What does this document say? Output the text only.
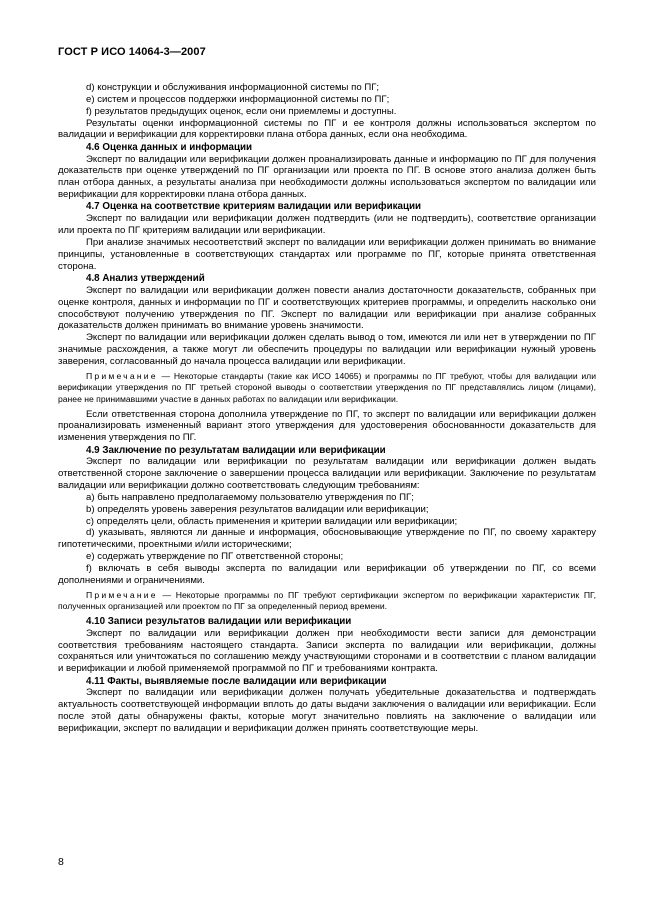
ГОСТ Р ИСО 14064-3—2007

d) конструкции и обслуживания информационной системы по ПГ;

e) систем и процессов поддержки информационной системы по ПГ;

f) результатов предыдущих оценок, если они приемлемы и доступны.

Результаты оценки информационной системы по ПГ и ее контроля должны использоваться экспертом по валидации и верификации для корректировки плана отбора данных, если она необходима.

4.6 Оценка данных и информации

Эксперт по валидации или верификации должен проанализировать данные и информацию по ПГ для получения доказательств при оценке утверждений по ПГ организации или проекта по ПГ. В основе этого анализа должен быть план отбора данных, а результаты анализа при необходимости должны использоваться экспертом по валидации или верификации для корректировки плана отбора данных.

4.7 Оценка на соответствие критериям валидации или верификации

Эксперт по валидации или верификации должен подтвердить (или не подтвердить), соответствие организации или проекта по ПГ критериям валидации или верификации.

При анализе значимых несоответствий эксперт по валидации или верификации должен принимать во внимание принципы, установленные в соответствующих стандартах или программе по ПГ, которые принята ответственная сторона.

4.8 Анализ утверждений

Эксперт по валидации или верификации должен повести анализ достаточности доказательств, собранных при оценке контроля, данных и информации по ПГ и соответствующих критериев программы, и определить насколько они способствуют получению утверждения по ПГ. Эксперт по валидации или верификации при анализе собранных доказательств должен принимать во внимание уровень значимости.

Эксперт по валидации или верификации должен сделать вывод о том, имеются ли или нет в утверждении по ПГ значимые расхождения, а также могут ли обеспечить процедуры по валидации или верификации нужный уровень заверения, согласованный до начала процесса валидации или верификации.

Примечание — Некоторые стандарты (такие как ИСО 14065) и программы по ПГ требуют, чтобы для валидации или верификации утверждения по ПГ третьей стороной выводы о соответствии утверждения по ПГ представлялись лицом (лицами), ранее не принимавшими участие в данных работах по валидации или верификации.

Если ответственная сторона дополнила утверждение по ПГ, то эксперт по валидации или верификации должен проанализировать измененный вариант этого утверждения для удостоверения обоснованности доказательств для изменения утверждения по ПГ.

4.9 Заключение по результатам валидации или верификации

Эксперт по валидации или верификации по результатам валидации или верификации должен выдать ответственной стороне заключение о завершении процесса валидации или верификации. Заключение по результатам валидации или верификации должно соответствовать следующим требованиям:

a) быть направлено предполагаемому пользователю утверждения по ПГ;

b) определять уровень заверения результатов валидации или верификации;

c) определять цели, область применения и критерии валидации или верификации;

d) указывать, являются ли данные и информация, обосновывающие утверждение по ПГ, по своему характеру гипотетическими, проектными и/или историческими;

e) содержать утверждение по ПГ ответственной стороны;

f) включать в себя выводы эксперта по валидации или верификации об утверждении по ПГ, со всеми дополнениями и ограничениями.

Примечание — Некоторые программы по ПГ требуют сертификации экспертом по верификации характеристик ПГ, полученных организацией или проектом по ПГ за определенный период времени.

4.10 Записи результатов валидации или верификации

Эксперт по валидации или верификации должен при необходимости вести записи для демонстрации соответствия требованиям настоящего стандарта. Записи эксперта по валидации или верификации, должны сохраняться или уничтожаться по соглашению между участвующими сторонами и в соответствии с планом валидации и верификации и любой применяемой программой по ПГ и требованиями контракта.

4.11 Факты, выявляемые после валидации или верификации

Эксперт по валидации или верификации должен получать убедительные доказательства и подтверждать актуальность соответствующей информации вплоть до даты выдачи заключения о валидации или верификации. Если после этой даты обнаружены факты, которые могут значительно повлиять на заключение о валидации или верификации, эксперт по валидации и верификации должен принять соответствующие меры.

8
